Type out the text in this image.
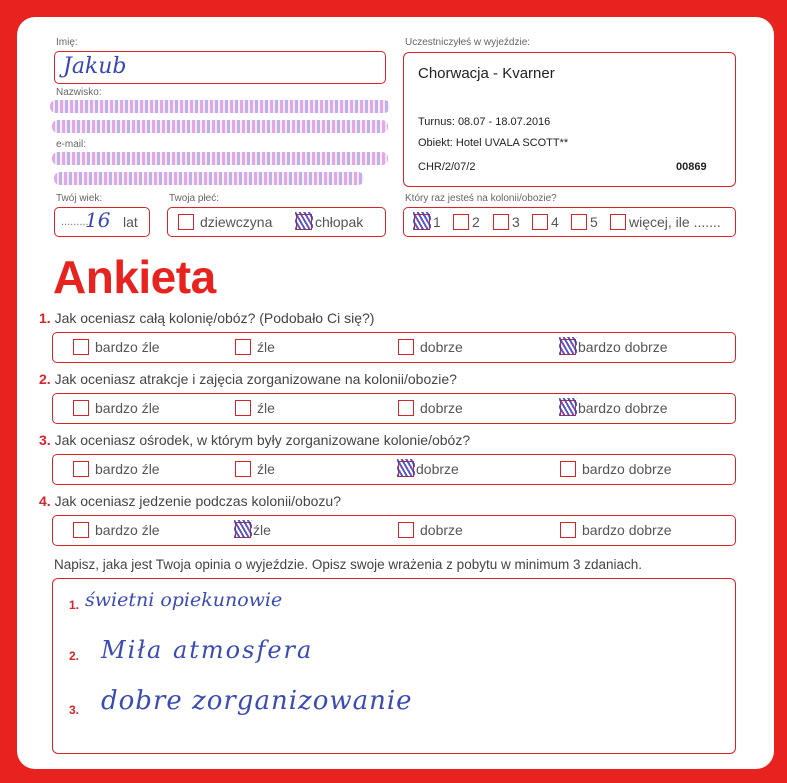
Imię:
Jakub
Nazwisko:
e-mail:
Twój wiek:
..........
16 lat
Twoja płeć:
dziewczyna	chłopak
Uczestniczyłeś w wyjeździe:
Chorwacja - Kvarner
Turnus: 08.07 - 18.07.2016
Obiekt: Hotel UVALA SCOTT**
CHR/2/07/2	00869
Który raz jesteś na kolonii/obozie?
1	2	3	4	5	więcej, ile .......
Ankieta
1. Jak oceniasz całą kolonię/obóz? (Podobało Ci się?)
bardzo źle	źle	dobrze	bardzo dobrze
2. Jak oceniasz atrakcje i zajęcia zorganizowane na kolonii/obozie?
bardzo źle	źle	dobrze	bardzo dobrze
3. Jak oceniasz ośrodek, w którym były zorganizowane kolonie/obóz?
bardzo źle	źle	dobrze	bardzo dobrze
4. Jak oceniasz jedzenie podczas kolonii/obozu?
bardzo źle	źle	dobrze	bardzo dobrze
Napisz, jaka jest Twoja opinia o wyjeździe. Opisz swoje wrażenia z pobytu w minimum 3 zdaniach.
1. świetni opiekunowie
2. Miła atmosfera
3. dobre zorganizowanie
